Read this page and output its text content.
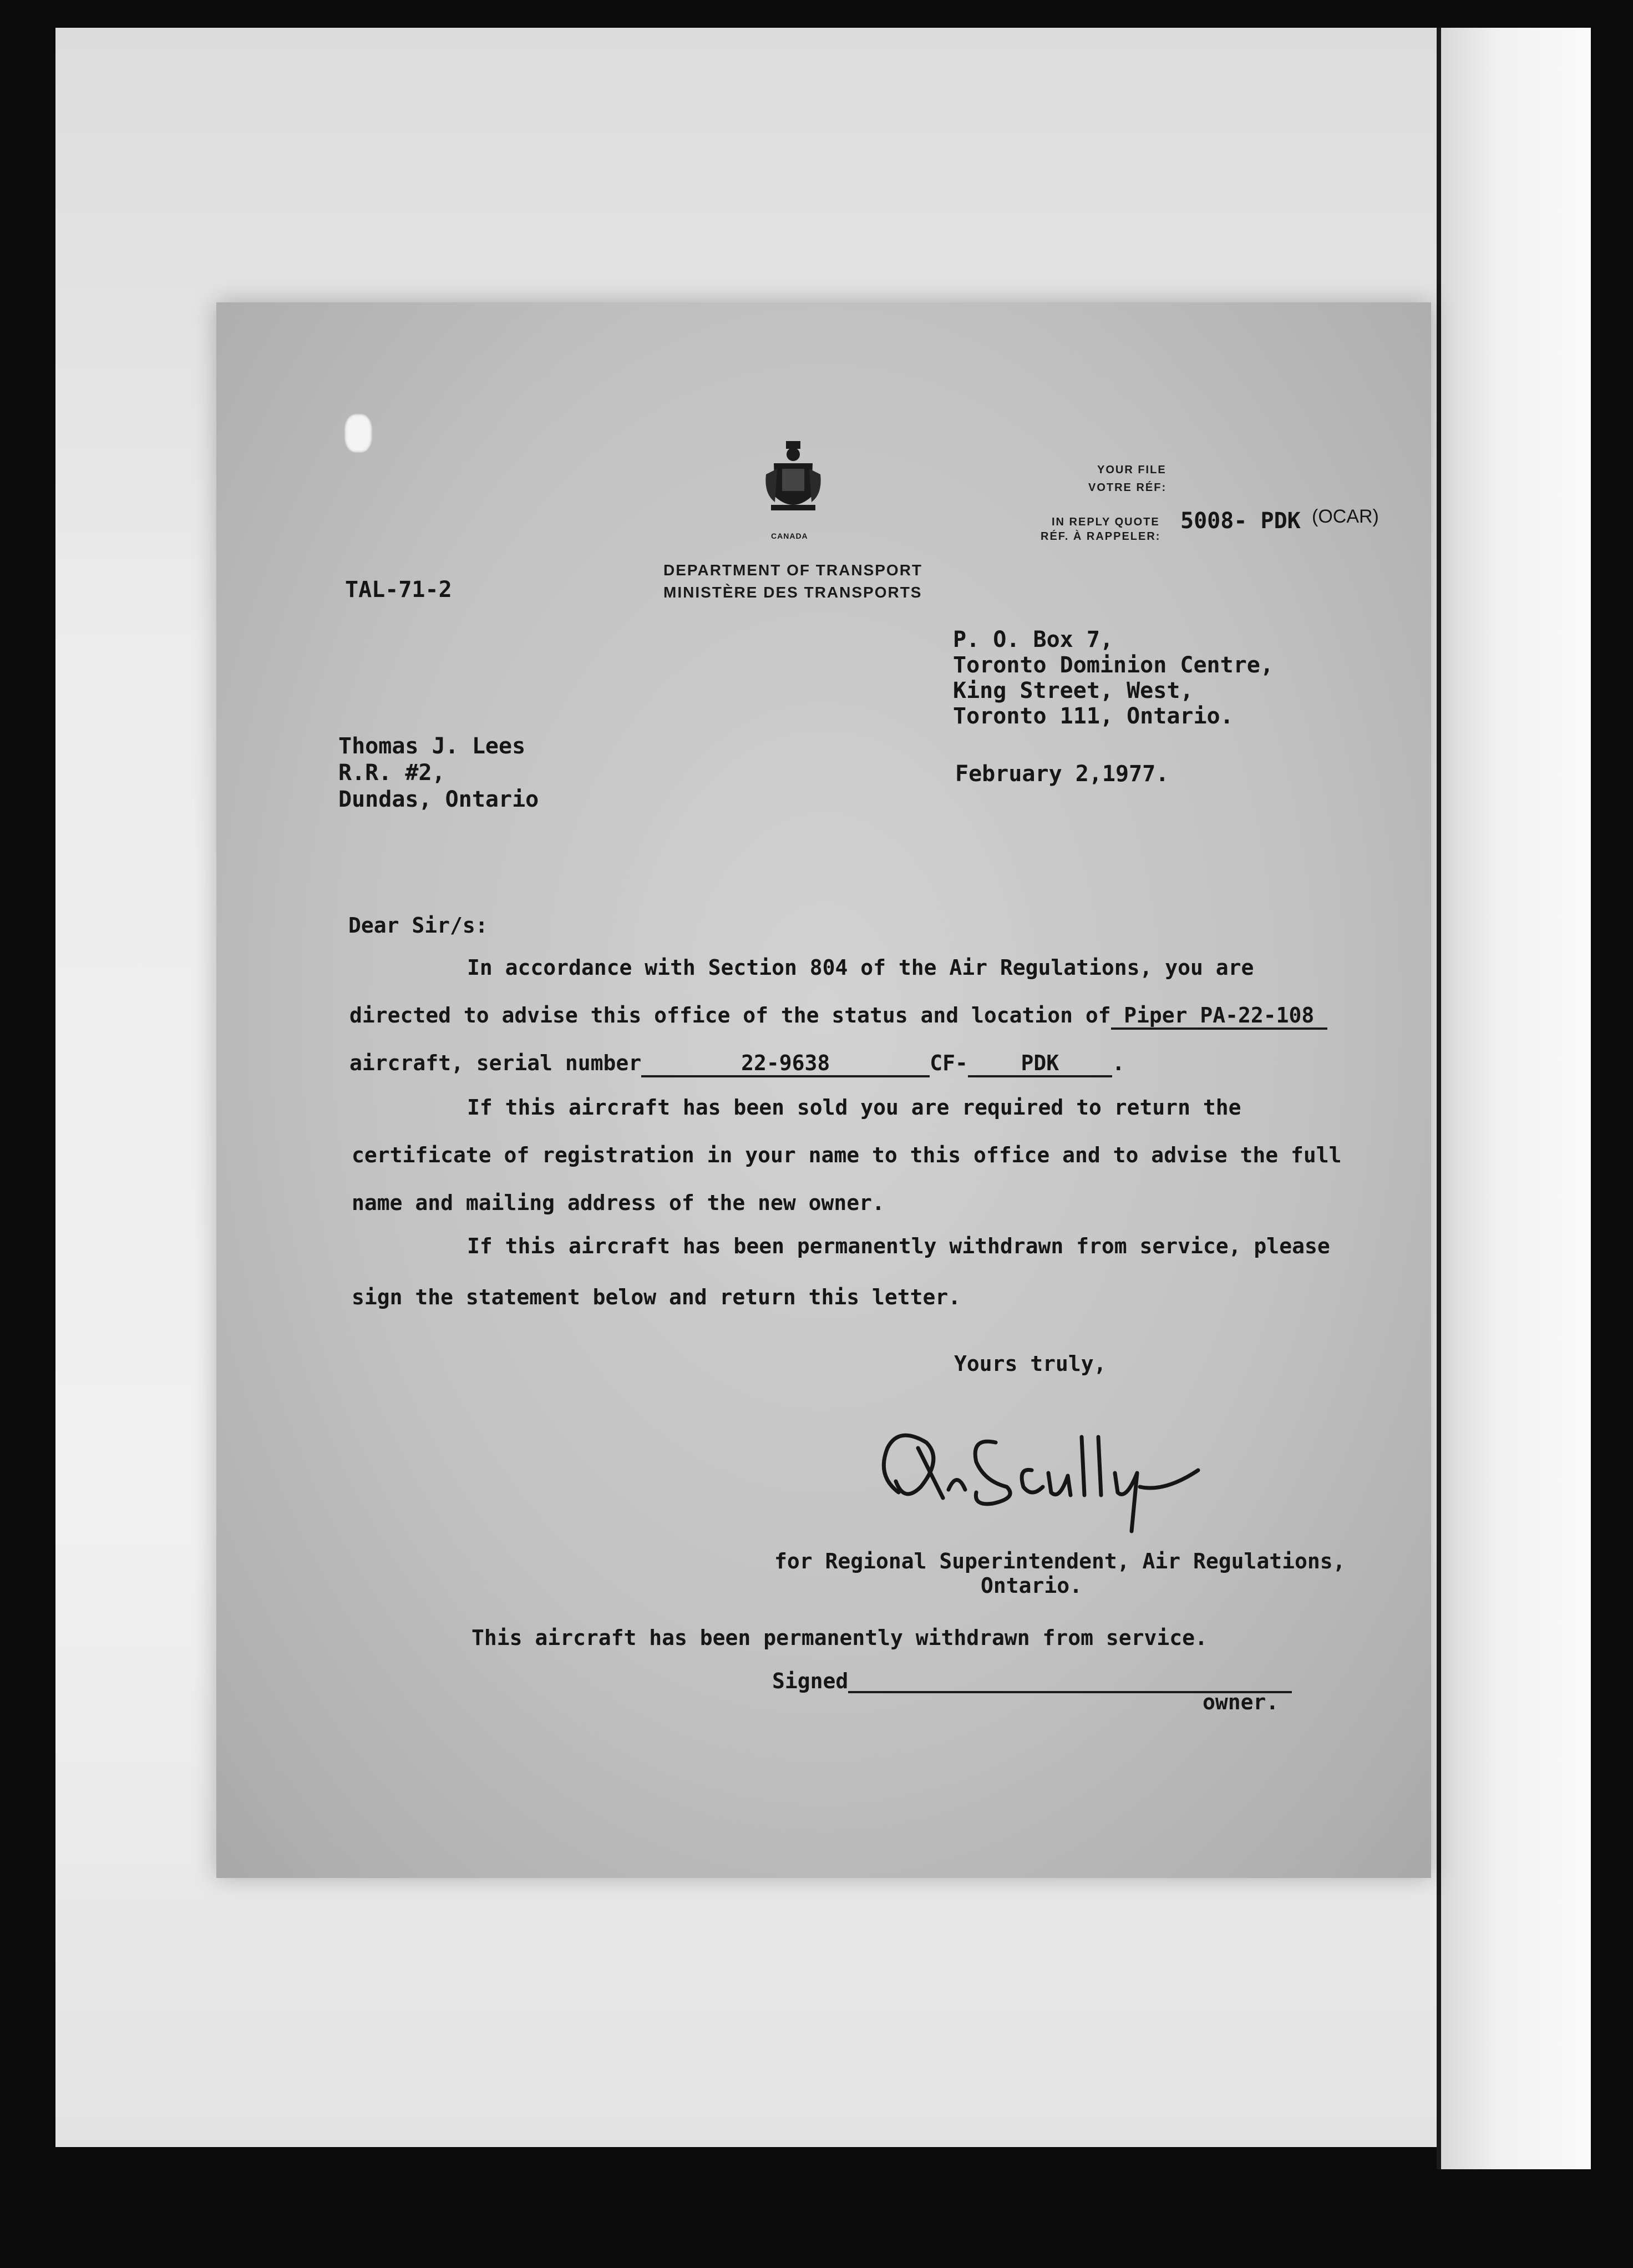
CANADA
DEPARTMENT OF TRANSPORT
MINISTÈRE DES TRANSPORTS
YOUR FILE
VOTRE RÉF:
IN REPLY QUOTE
RÉF. À RAPPELER:
5008- PDK (OCAR)
TAL-71-2
P. O. Box 7,
Toronto Dominion Centre,
King Street, West,
Toronto 111, Ontario.
February 2,1977.
Thomas J. Lees
R.R. #2,
Dundas, Ontario
Dear Sir/s:
In accordance with Section 804 of the Air Regulations, you are
directed to advise this office of the status and location of Piper PA-22-108
aircraft, serial number	22-9638	CF-	PDK	.
If this aircraft has been sold you are required to return the
certificate of registration in your name to this office and to advise the full
name and mailing address of the new owner.
If this aircraft has been permanently withdrawn from service, please
sign the statement below and return this letter.
Yours truly,
for Regional Superintendent, Air Regulations,
Ontario.
This aircraft has been permanently withdrawn from service.
Signed
owner.
